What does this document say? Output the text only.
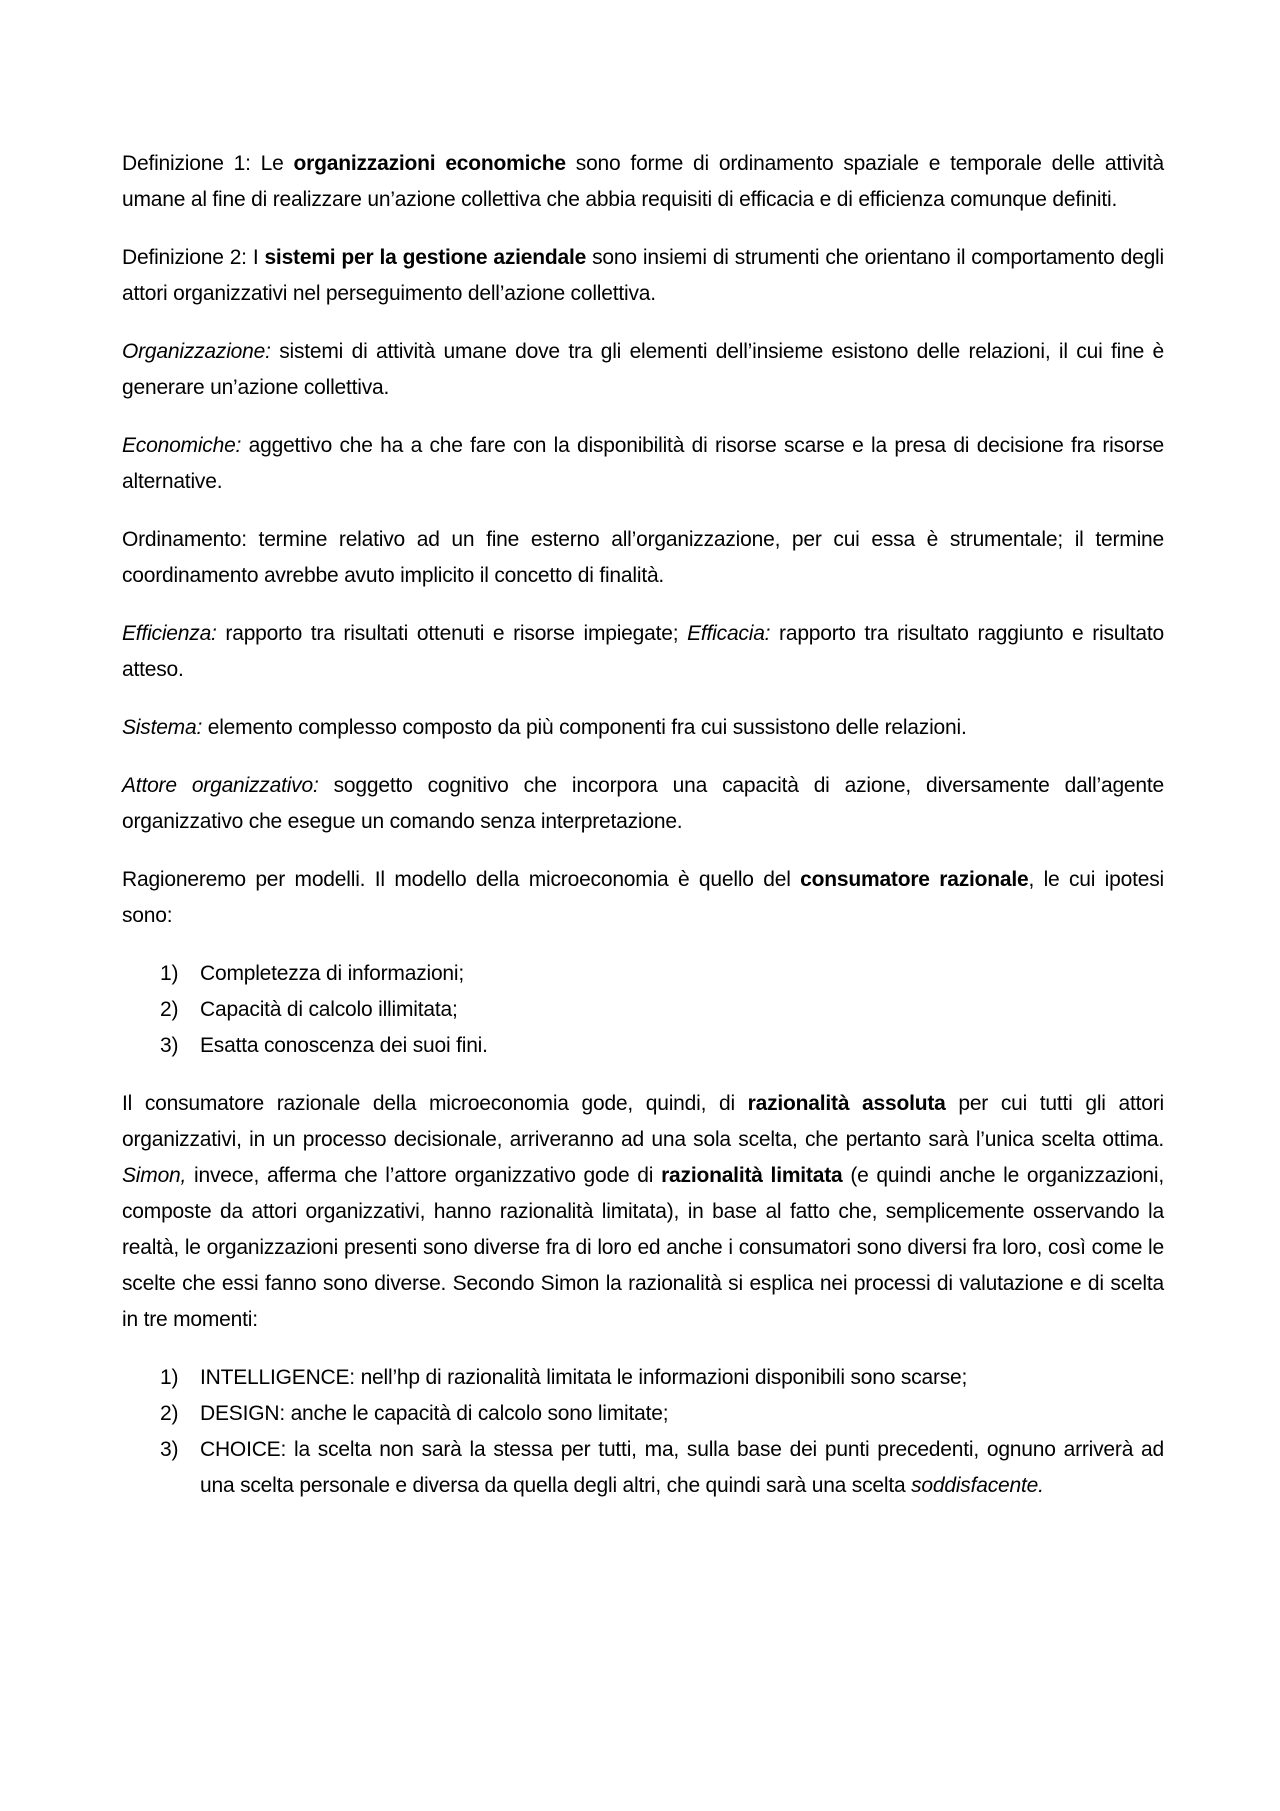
Definizione 1: Le organizzazioni economiche sono forme di ordinamento spaziale e temporale delle attività umane al fine di realizzare un’azione collettiva che abbia requisiti di efficacia e di efficienza comunque definiti.

Definizione 2: I sistemi per la gestione aziendale sono insiemi di strumenti che orientano il comportamento degli attori organizzativi nel perseguimento dell’azione collettiva.

Organizzazione: sistemi di attività umane dove tra gli elementi dell’insieme esistono delle relazioni, il cui fine è generare un’azione collettiva.

Economiche: aggettivo che ha a che fare con la disponibilità di risorse scarse e la presa di decisione fra risorse alternative.

Ordinamento: termine relativo ad un fine esterno all’organizzazione, per cui essa è strumentale; il termine coordinamento avrebbe avuto implicito il concetto di finalità.

Efficienza: rapporto tra risultati ottenuti e risorse impiegate; Efficacia: rapporto tra risultato raggiunto e risultato atteso.

Sistema: elemento complesso composto da più componenti fra cui sussistono delle relazioni.

Attore organizzativo: soggetto cognitivo che incorpora una capacità di azione, diversamente dall’agente organizzativo che esegue un comando senza interpretazione.

Ragioneremo per modelli. Il modello della microeconomia è quello del consumatore razionale, le cui ipotesi sono:

1) Completezza di informazioni;
2) Capacità di calcolo illimitata;
3) Esatta conoscenza dei suoi fini.

Il consumatore razionale della microeconomia gode, quindi, di razionalità assoluta per cui tutti gli attori organizzativi, in un processo decisionale, arriveranno ad una sola scelta, che pertanto sarà l’unica scelta ottima. Simon, invece, afferma che l’attore organizzativo gode di razionalità limitata (e quindi anche le organizzazioni, composte da attori organizzativi, hanno razionalità limitata), in base al fatto che, semplicemente osservando la realtà, le organizzazioni presenti sono diverse fra di loro ed anche i consumatori sono diversi fra loro, così come le scelte che essi fanno sono diverse. Secondo Simon la razionalità si esplica nei processi di valutazione e di scelta in tre momenti:

1) INTELLIGENCE: nell’hp di razionalità limitata le informazioni disponibili sono scarse;
2) DESIGN: anche le capacità di calcolo sono limitate;
3) CHOICE: la scelta non sarà la stessa per tutti, ma, sulla base dei punti precedenti, ognuno arriverà ad una scelta personale e diversa da quella degli altri, che quindi sarà una scelta soddisfacente.
